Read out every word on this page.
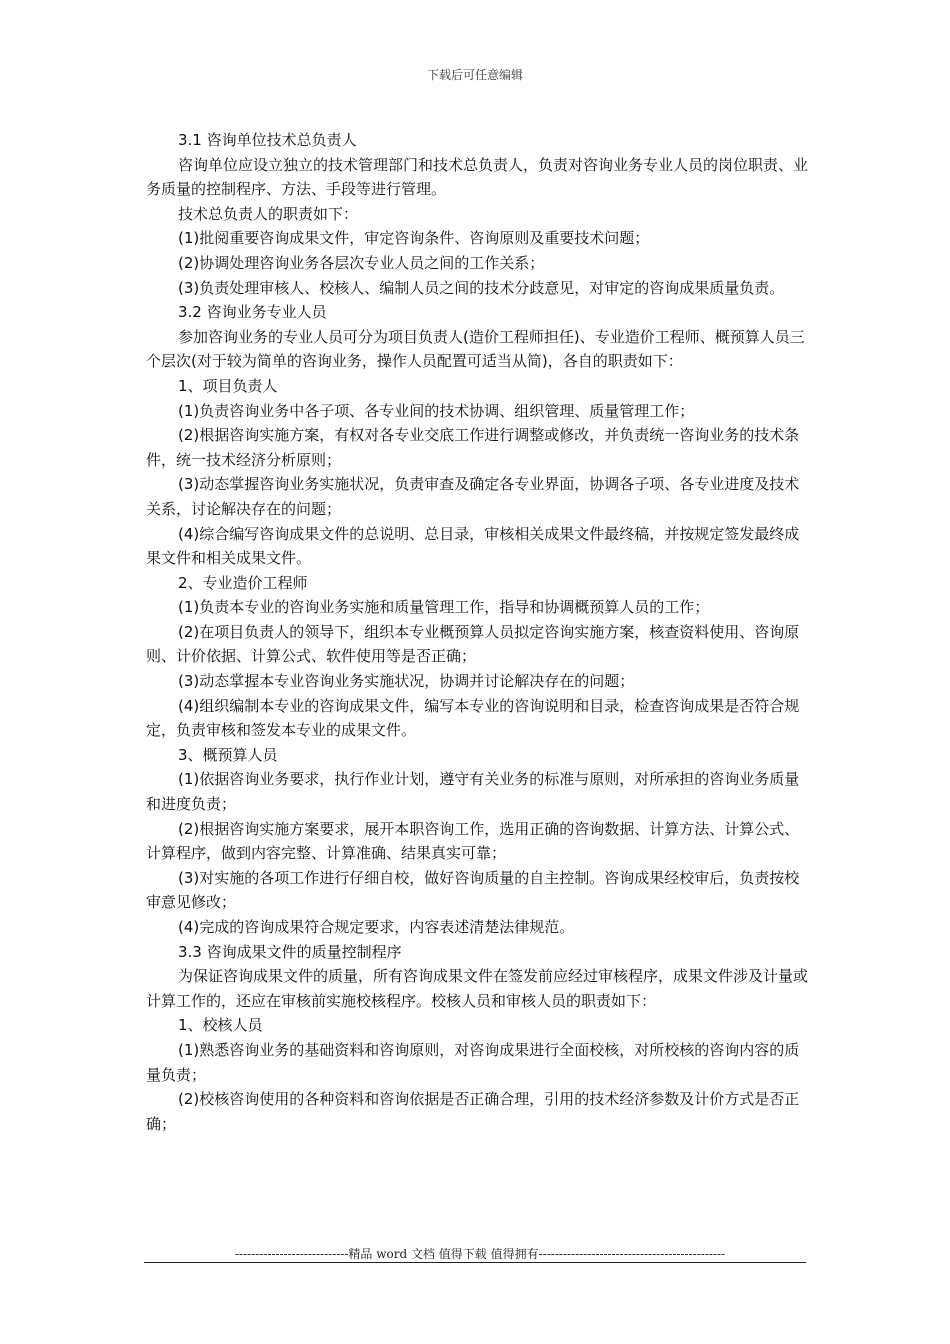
下载后可任意编辑

3.1 咨询单位技术总负责人

咨询单位应设立独立的技术管理部门和技术总负责人，负责对咨询业务专业人员的岗位职责、业务质量的控制程序、方法、手段等进行管理。

技术总负责人的职责如下：

(1)批阅重要咨询成果文件，审定咨询条件、咨询原则及重要技术问题；

(2)协调处理咨询业务各层次专业人员之间的工作关系；

(3)负责处理审核人、校核人、编制人员之间的技术分歧意见，对审定的咨询成果质量负责。

3.2 咨询业务专业人员

参加咨询业务的专业人员可分为项目负责人(造价工程师担任)、专业造价工程师、概预算人员三个层次(对于较为简单的咨询业务，操作人员配置可适当从简)，各自的职责如下：

1、项目负责人

(1)负责咨询业务中各子项、各专业间的技术协调、组织管理、质量管理工作；

(2)根据咨询实施方案，有权对各专业交底工作进行调整或修改，并负责统一咨询业务的技术条件，统一技术经济分析原则；

(3)动态掌握咨询业务实施状况，负责审查及确定各专业界面，协调各子项、各专业进度及技术关系，讨论解决存在的问题；

(4)综合编写咨询成果文件的总说明、总目录，审核相关成果文件最终稿，并按规定签发最终成果文件和相关成果文件。

2、专业造价工程师

(1)负责本专业的咨询业务实施和质量管理工作，指导和协调概预算人员的工作；

(2)在项目负责人的领导下，组织本专业概预算人员拟定咨询实施方案，核查资料使用、咨询原则、计价依据、计算公式、软件使用等是否正确；

(3)动态掌握本专业咨询业务实施状况，协调并讨论解决存在的问题；

(4)组织编制本专业的咨询成果文件，编写本专业的咨询说明和目录，检查咨询成果是否符合规定，负责审核和签发本专业的成果文件。

3、概预算人员

(1)依据咨询业务要求，执行作业计划，遵守有关业务的标准与原则，对所承担的咨询业务质量和进度负责；

(2)根据咨询实施方案要求，展开本职咨询工作，选用正确的咨询数据、计算方法、计算公式、计算程序，做到内容完整、计算准确、结果真实可靠；

(3)对实施的各项工作进行仔细自校，做好咨询质量的自主控制。咨询成果经校审后，负责按校审意见修改；

(4)完成的咨询成果符合规定要求，内容表述清楚法律规范。

3.3 咨询成果文件的质量控制程序

为保证咨询成果文件的质量，所有咨询成果文件在签发前应经过审核程序，成果文件涉及计量或计算工作的，还应在审核前实施校核程序。校核人员和审核人员的职责如下：

1、校核人员

(1)熟悉咨询业务的基础资料和咨询原则，对咨询成果进行全面校核，对所校核的咨询内容的质量负责；

(2)校核咨询使用的各种资料和咨询依据是否正确合理，引用的技术经济参数及计价方式是否正确；

----------------------------精品 word 文档 值得下载 值得拥有----------------------------------------------
